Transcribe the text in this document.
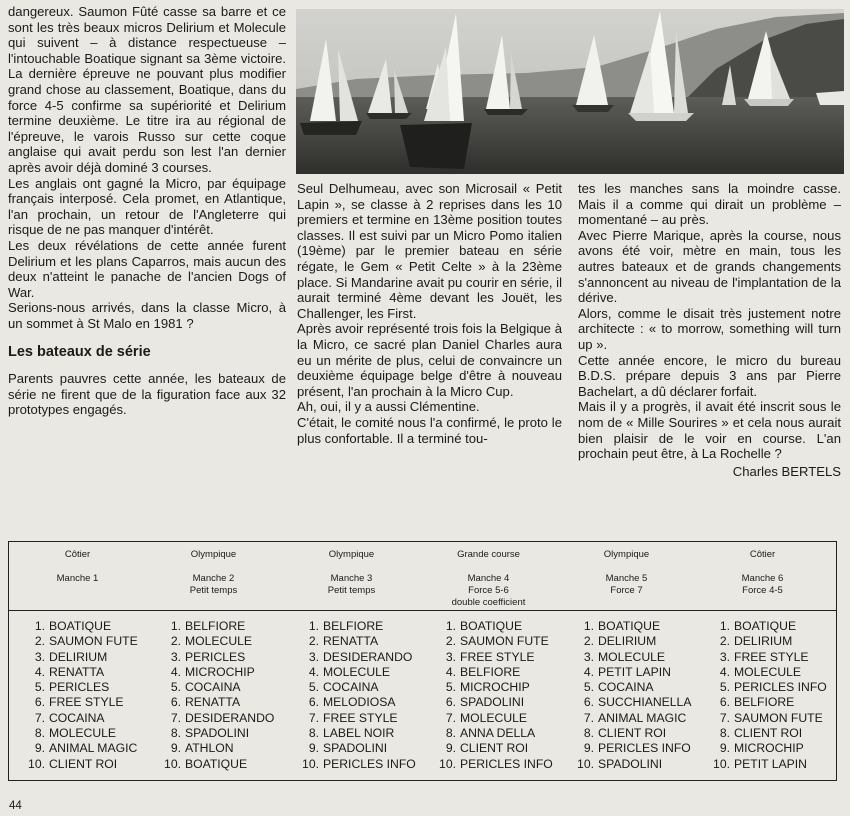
dangereux. Saumon Fûté casse sa barre et ce sont les très beaux micros Delirium et Molecule qui suivent – à distance respectueuse – l'intouchable Boatique signant sa 3ème victoire. La dernière épreuve ne pouvant plus modifier grand chose au classement, Boatique, dans du force 4-5 confirme sa supériorité et Delirium termine deuxième. Le titre ira au régional de l'épreuve, le varois Russo sur cette coque anglaise qui avait perdu son lest l'an dernier après avoir déjà dominé 3 courses.

Les anglais ont gagné la Micro, par équipage français interposé. Cela promet, en Atlantique, l'an prochain, un retour de l'Angleterre qui risque de ne pas manquer d'intérêt.

Les deux révélations de cette année furent Delirium et les plans Caparros, mais aucun des deux n'atteint le panache de l'ancien Dogs of War.

Serions-nous arrivés, dans la classe Micro, à un sommet à St Malo en 1981 ?

Les bateaux de série

Parents pauvres cette année, les bateaux de série ne firent que de la figuration face aux 32 prototypes engagés.

Seul Delhumeau, avec son Microsail « Petit Lapin », se classe à 2 reprises dans les 10 premiers et termine en 13ème position toutes classes. Il est suivi par un Micro Pomo italien (19ème) par le premier bateau en série régate, le Gem « Petit Celte » à la 23ème place. Si Mandarine avait pu courir en série, il aurait terminé 4ème devant les Jouët, les Challenger, les First.

Après avoir représenté trois fois la Belgique à la Micro, ce sacré plan Daniel Charles aura eu un mérite de plus, celui de convaincre un deuxième équipage belge d'être à nouveau présent, l'an prochain à la Micro Cup.

Ah, oui, il y a aussi Clémentine.

C'était, le comité nous l'a confirmé, le proto le plus confortable. Il a terminé tou-

tes les manches sans la moindre casse. Mais il a comme qui dirait un problème – momentané – au près.

Avec Pierre Marique, après la course, nous avons été voir, mètre en main, tous les autres bateaux et de grands changements s'annoncent au niveau de l'implantation de la dérive.

Alors, comme le disait très justement notre architecte : « to morrow, something will turn up ».

Cette année encore, le micro du bureau B.D.S. prépare depuis 3 ans par Pierre Bachelart, a dû déclarer forfait.

Mais il y a progrès, il avait été inscrit sous le nom de « Mille Sourires » et cela nous aurait bien plaisir de le voir en course. L'an prochain peut être, à La Rochelle ?

Charles BERTELS

Côtier
Manche 1
Olympique
Manche 2
Petit temps
Olympique
Manche 3
Petit temps
Grande course
Manche 4
Force 5-6
double coefficient
Olympique
Manche 5
Force 7
Côtier
Manche 6
Force 4-5
1. BOATIQUE
2. SAUMON FUTE
3. DELIRIUM
4. RENATTA
5. PERICLES
6. FREE STYLE
7. COCAINA
8. MOLECULE
9. ANIMAL MAGIC
10. CLIENT ROI
1. BELFIORE
2. MOLECULE
3. PERICLES
4. MICROCHIP
5. COCAINA
6. RENATTA
7. DESIDERANDO
8. SPADOLINI
9. ATHLON
10. BOATIQUE
1. BELFIORE
2. RENATTA
3. DESIDERANDO
4. MOLECULE
5. COCAINA
6. MELODIOSA
7. FREE STYLE
8. LABEL NOIR
9. SPADOLINI
10. PERICLES INFO
1. BOATIQUE
2. SAUMON FUTE
3. FREE STYLE
4. BELFIORE
5. MICROCHIP
6. SPADOLINI
7. MOLECULE
8. ANNA DELLA
9. CLIENT ROI
10. PERICLES INFO
1. BOATIQUE
2. DELIRIUM
3. MOLECULE
4. PETIT LAPIN
5. COCAINA
6. SUCCHIANELLA
7. ANIMAL MAGIC
8. CLIENT ROI
9. PERICLES INFO
10. SPADOLINI
1. BOATIQUE
2. DELIRIUM
3. FREE STYLE
4. MOLECULE
5. PERICLES INFO
6. BELFIORE
7. SAUMON FUTE
8. CLIENT ROI
9. MICROCHIP
10. PETIT LAPIN
44
